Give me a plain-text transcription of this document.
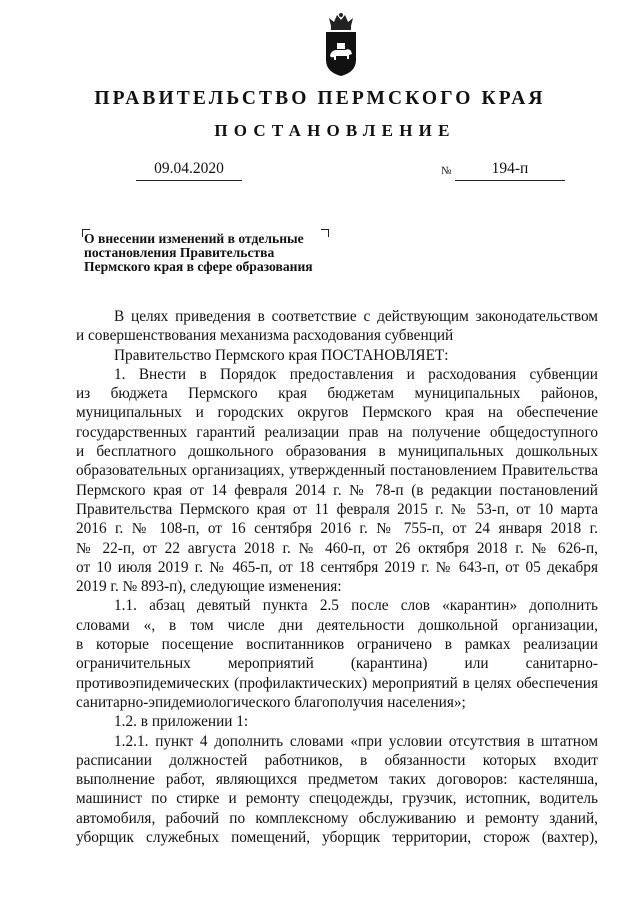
ПРАВИТЕЛЬСТВО ПЕРМСКОГО КРАЯ
ПОСТАНОВЛЕНИЕ
09.04.2020	№	194-п
О внесении изменений в отдельные
постановления Правительства
Пермского края в сфере образования
В целях приведения в соответствие с действующим законодательством
и совершенствования механизма расходования субвенций
Правительство Пермского края ПОСТАНОВЛЯЕТ:
1. Внести в Порядок предоставления и расходования субвенции
из бюджета Пермского края бюджетам муниципальных районов,
муниципальных и городских округов Пермского края на обеспечение
государственных гарантий реализации прав на получение общедоступного
и бесплатного дошкольного образования в муниципальных дошкольных
образовательных организациях, утвержденный постановлением Правительства
Пермского края от 14 февраля 2014 г. № 78-п (в редакции постановлений
Правительства Пермского края от 11 февраля 2015 г. № 53-п, от 10 марта
2016 г. № 108-п, от 16 сентября 2016 г. № 755-п, от 24 января 2018 г.
№ 22-п, от 22 августа 2018 г. № 460-п, от 26 октября 2018 г. № 626-п,
от 10 июля 2019 г. № 465-п, от 18 сентября 2019 г. № 643-п, от 05 декабря
2019 г. № 893-п), следующие изменения:
1.1. абзац девятый пункта 2.5 после слов «карантин» дополнить
словами «, в том числе дни деятельности дошкольной организации,
в которые посещение воспитанников ограничено в рамках реализации
ограничительных мероприятий (карантина) или санитарно-
противоэпидемических (профилактических) мероприятий в целях обеспечения
санитарно-эпидемиологического благополучия населения»;
1.2. в приложении 1:
1.2.1. пункт 4 дополнить словами «при условии отсутствия в штатном
расписании должностей работников, в обязанности которых входит
выполнение работ, являющихся предметом таких договоров: кастелянша,
машинист по стирке и ремонту спецодежды, грузчик, истопник, водитель
автомобиля, рабочий по комплексному обслуживанию и ремонту зданий,
уборщик служебных помещений, уборщик территории, сторож (вахтер),
